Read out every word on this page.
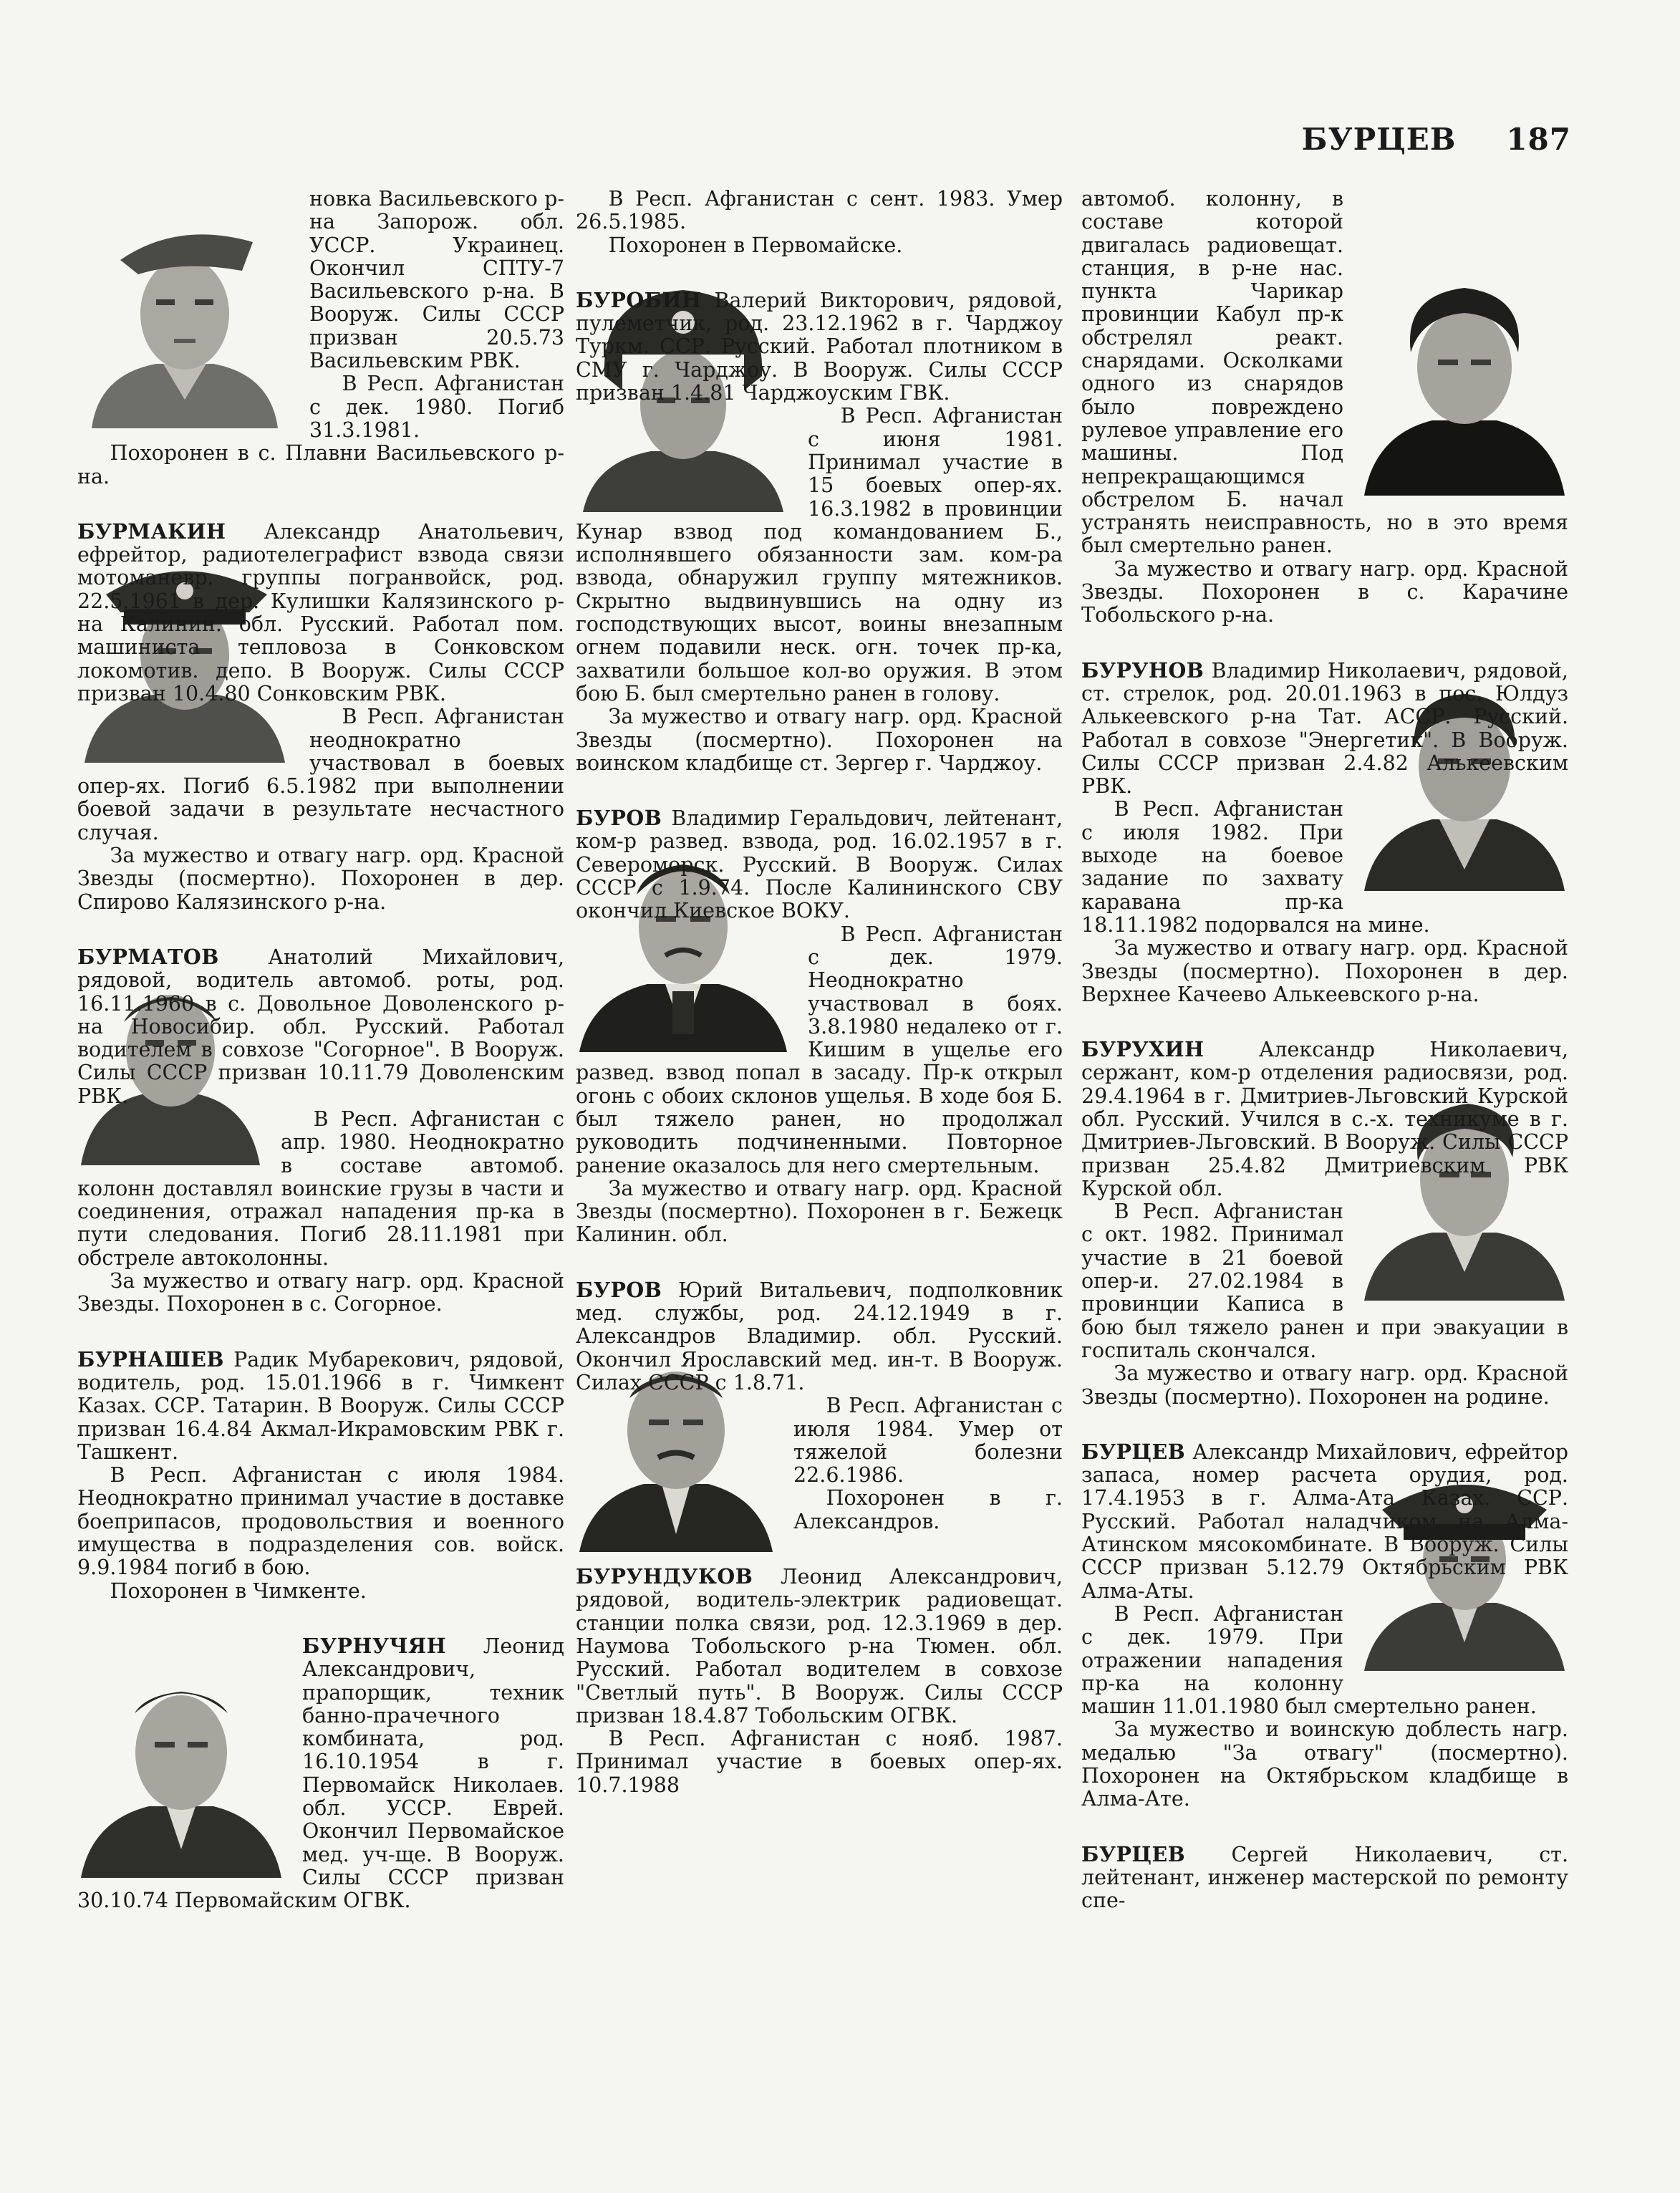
БУРЦЕВ 187

новка Васильевского р-на Запорож. обл. УССР. Украинец. Окончил СПТУ-7 Васильевского р-на. В Вооруж. Силы СССР призван 20.5.73 Васильевским РВК.

В Респ. Афганистан с дек. 1980. Погиб 31.3.1981.

Похоронен в с. Плавни Васильевского р-на.

БУРМАКИН Александр Анатольевич, ефрейтор, радиотелеграфист взвода связи мотоманевр. группы погранвойск, род. 22.5.1961 в дер. Кулишки Калязинского р-на Калинин. обл. Русский. Работал пом. машиниста тепловоза в Сонковском локомотив. депо. В Вооруж. Силы СССР призван 10.4.80 Сонковским РВК.

В Респ. Афганистан неоднократно участвовал в боевых опер-ях. Погиб 6.5.1982 при выполнении боевой задачи в результате несчастного случая.

За мужество и отвагу нагр. орд. Красной Звезды (посмертно). Похоронен в дер. Спирово Калязинского р-на.

БУРМАТОВ Анатолий Михайлович, рядовой, водитель автомоб. роты, род. 16.11.1960 в с. Довольное Доволенского р-на Новосибир. обл. Русский. Работал водителем в совхозе "Согорное". В Вооруж. Силы СССР призван 10.11.79 Доволенским РВК.

В Респ. Афганистан с апр. 1980. Неоднократно в составе автомоб. колонн доставлял воинские грузы в части и соединения, отражал нападения пр-ка в пути следования. Погиб 28.11.1981 при обстреле автоколонны.

За мужество и отвагу нагр. орд. Красной Звезды. Похоронен в с. Согорное.

БУРНАШЕВ Радик Мубарекович, рядовой, водитель, род. 15.01.1966 в г. Чимкент Казах. ССР. Татарин. В Вооруж. Силы СССР призван 16.4.84 Акмал-Икрамовским РВК г. Ташкент.

В Респ. Афганистан с июля 1984. Неоднократно принимал участие в доставке боеприпасов, продовольствия и военного имущества в подразделения сов. войск. 9.9.1984 погиб в бою.

Похоронен в Чимкенте.

БУРНУЧЯН Леонид Александрович, прапорщик, техник банно-прачечного комбината, род. 16.10.1954 в г. Первомайск Николаев. обл. УССР. Еврей. Окончил Первомайское мед. уч-ще. В Вооруж. Силы СССР призван 30.10.74 Первомайским ОГВК.

В Респ. Афганистан с сент. 1983. Умер 26.5.1985.

Похоронен в Первомайске.

БУРОБИН Валерий Викторович, рядовой, пулеметчик, род. 23.12.1962 в г. Чарджоу Туркм. ССР. Русский. Работал плотником в СМУ г. Чарджоу. В Вооруж. Силы СССР призван 1.4.81 Чарджоуским ГВК.

В Респ. Афганистан с июня 1981. Принимал участие в 15 боевых опер-ях. 16.3.1982 в провинции Кунар взвод под командованием Б., исполнявшего обязанности зам. ком-ра взвода, обнаружил группу мятежников. Скрытно выдвинувшись на одну из господствующих высот, воины внезапным огнем подавили неск. огн. точек пр-ка, захватили большое кол-во оружия. В этом бою Б. был смертельно ранен в голову.

За мужество и отвагу нагр. орд. Красной Звезды (посмертно). Похоронен на воинском кладбище ст. Зергер г. Чарджоу.

БУРОВ Владимир Геральдович, лейтенант, ком-р развед. взвода, род. 16.02.1957 в г. Североморск. Русский. В Вооруж. Силах СССР с 1.9.74. После Калининского СВУ окончил Киевское ВОКУ.

В Респ. Афганистан с дек. 1979. Неоднократно участвовал в боях. 3.8.1980 недалеко от г. Кишим в ущелье его развед. взвод попал в засаду. Пр-к открыл огонь с обоих склонов ущелья. В ходе боя Б. был тяжело ранен, но продолжал руководить подчиненными. Повторное ранение оказалось для него смертельным.

За мужество и отвагу нагр. орд. Красной Звезды (посмертно). Похоронен в г. Бежецк Калинин. обл.

БУРОВ Юрий Витальевич, подполковник мед. службы, род. 24.12.1949 в г. Александров Владимир. обл. Русский. Окончил Ярославский мед. ин-т. В Вооруж. Силах СССР с 1.8.71.

В Респ. Афганистан с июля 1984. Умер от тяжелой болезни 22.6.1986.

Похоронен в г. Александров.

БУРУНДУКОВ Леонид Александрович, рядовой, водитель-электрик радиовещат. станции полка связи, род. 12.3.1969 в дер. Наумова Тобольского р-на Тюмен. обл. Русский. Работал водителем в совхозе "Светлый путь". В Вооруж. Силы СССР призван 18.4.87 Тобольским ОГВК.

В Респ. Афганистан с нояб. 1987. Принимал участие в боевых опер-ях. 10.7.1988

автомоб. колонну, в составе которой двигалась радиовещат. станция, в р-не нас. пункта Чарикар провинции Кабул пр-к обстрелял реакт. снарядами. Осколками одного из снарядов было повреждено рулевое управление его машины. Под непрекращающимся обстрелом Б. начал устранять неисправность, но в это время был смертельно ранен.

За мужество и отвагу нагр. орд. Красной Звезды. Похоронен в с. Карачине Тобольского р-на.

БУРУНОВ Владимир Николаевич, рядовой, ст. стрелок, род. 20.01.1963 в пос. Юлдуз Алькеевского р-на Тат. АССР. Русский. Работал в совхозе "Энергетик". В Вооруж. Силы СССР призван 2.4.82 Алькеевским РВК.

В Респ. Афганистан с июля 1982. При выходе на боевое задание по захвату каравана пр-ка 18.11.1982 подорвался на мине.

За мужество и отвагу нагр. орд. Красной Звезды (посмертно). Похоронен в дер. Верхнее Качеево Алькеевского р-на.

БУРУХИН	Александр Николаевич, сержант, ком-р отделения радиосвязи, род. 29.4.1964 в г. Дмитриев-Льговский Курской обл. Русский. Учился в с.-х. техникуме в г. Дмитриев-Льговский. В Вооруж. Силы СССР призван 25.4.82 Дмитриевским РВК Курской обл.

В Респ. Афганистан с окт. 1982. Принимал участие в 21 боевой опер-и. 27.02.1984 в провинции Каписа в бою был тяжело ранен и при эвакуации в госпиталь скончался.

За мужество и отвагу нагр. орд. Красной Звезды (посмертно). Похоронен на родине.

БУРЦЕВ Александр Михайлович, ефрейтор запаса, номер расчета орудия, род. 17.4.1953 в г. Алма-Ата Казах. ССР. Русский. Работал наладчиком на Алма-Атинском мясокомбинате. В Вооруж. Силы СССР призван 5.12.79 Октябрьским РВК Алма-Аты.

В Респ. Афганистан с дек. 1979. При отражении нападения пр-ка на колонну машин 11.01.1980 был смертельно ранен.

За мужество и воинскую доблесть нагр. медалью "За отвагу" (посмертно). Похоронен на Октябрьском кладбище в Алма-Ате.

БУРЦЕВ Сергей Николаевич, ст. лейтенант, инженер мастерской по ремонту спе-
